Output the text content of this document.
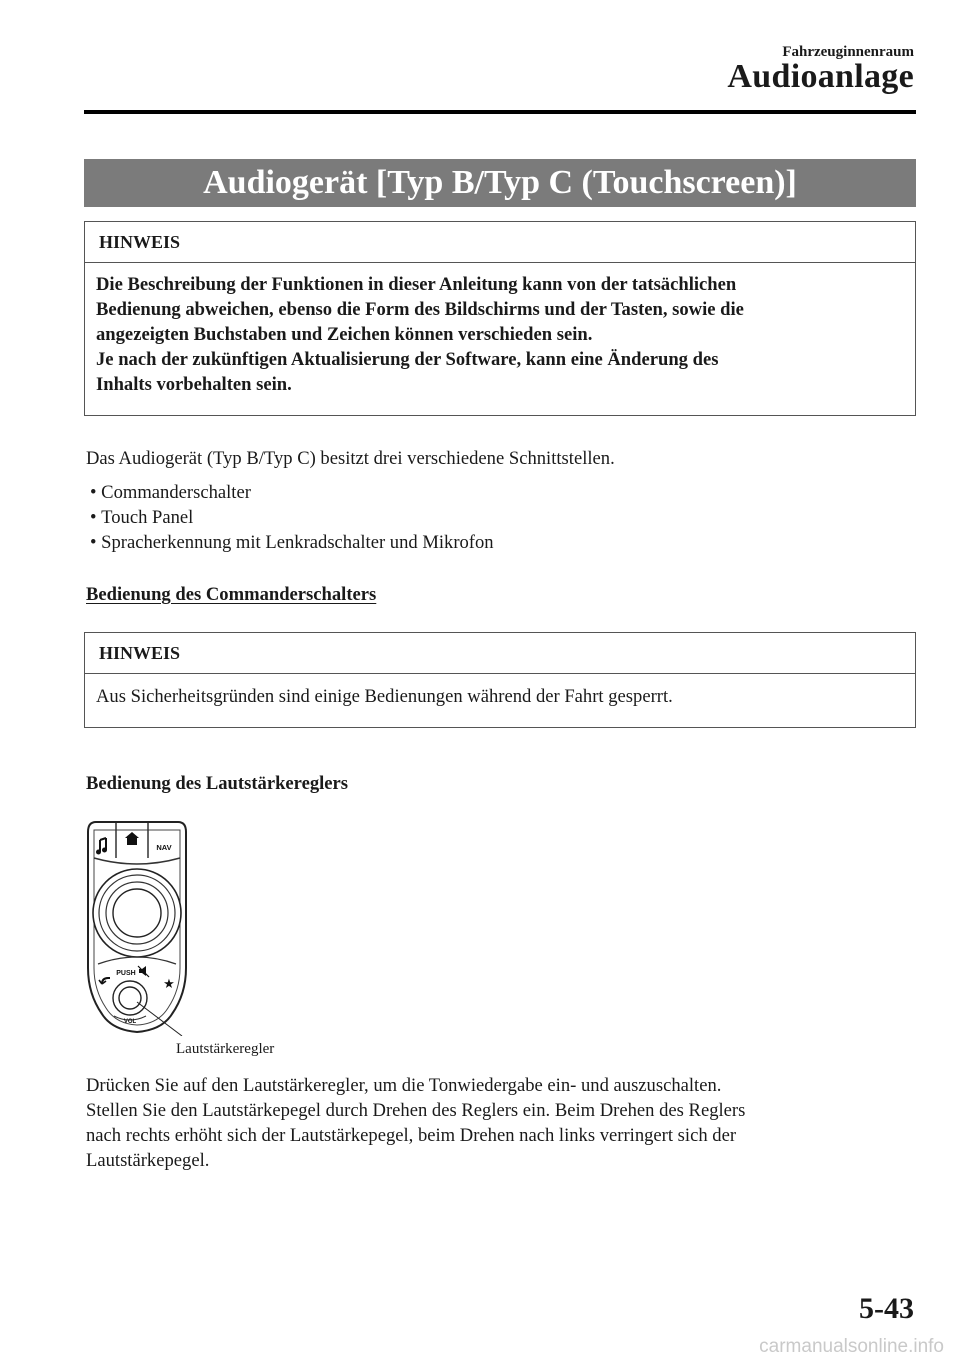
Fahrzeuginnenraum
Audioanlage
Audiogerät [Typ B/Typ C (Touchscreen)]
HINWEIS
Die Beschreibung der Funktionen in dieser Anleitung kann von der tatsächlichen
Bedienung abweichen, ebenso die Form des Bildschirms und der Tasten, sowie die
angezeigten Buchstaben und Zeichen können verschieden sein.
Je nach der zukünftigen Aktualisierung der Software, kann eine Änderung des
Inhalts vorbehalten sein.
Das Audiogerät (Typ B/Typ C) besitzt drei verschiedene Schnittstellen.
• Commanderschalter
• Touch Panel
• Spracherkennung mit Lenkradschalter und Mikrofon
Bedienung des Commanderschalters
HINWEIS
Aus Sicherheitsgründen sind einige Bedienungen während der Fahrt gesperrt.
Bedienung des Lautstärkereglers
NAV
★
PUSH
VOL
Lautstärkeregler
Drücken Sie auf den Lautstärkeregler, um die Tonwiedergabe ein- und auszuschalten.
Stellen Sie den Lautstärkepegel durch Drehen des Reglers ein. Beim Drehen des Reglers
nach rechts erhöht sich der Lautstärkepegel, beim Drehen nach links verringert sich der
Lautstärkepegel.
5-43
carmanualsonline.info
